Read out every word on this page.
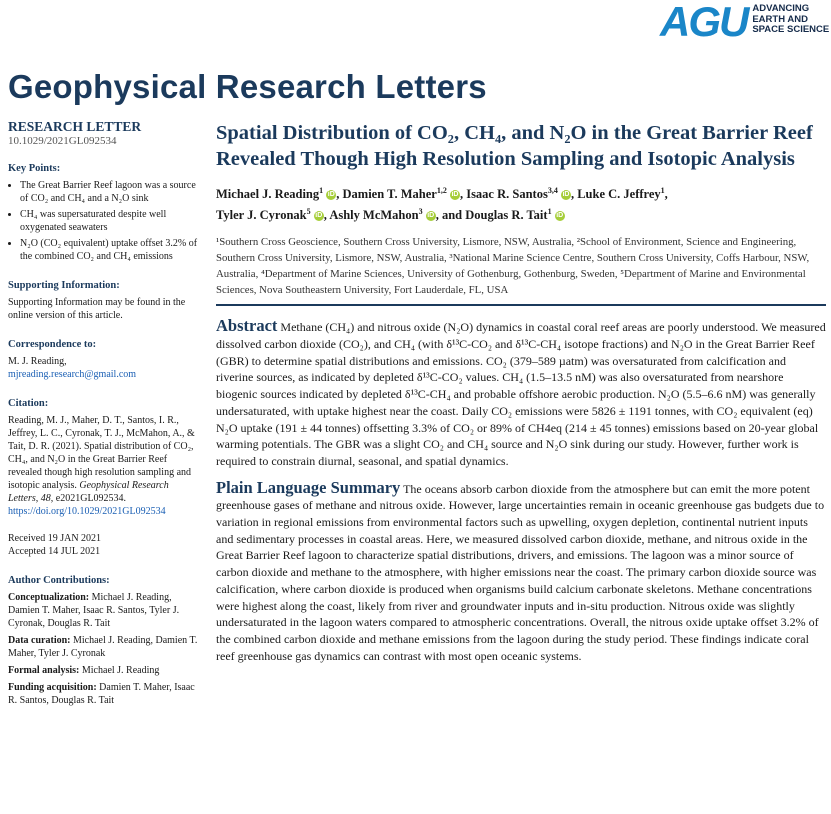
AGU ADVANCING
EARTH AND
SPACE SCIENCE
Geophysical Research Letters
RESEARCH LETTER
10.1029/2021GL092534
Key Points:
• The Great Barrier Reef lagoon was a source of CO₂ and CH₄ and a N₂O sink
• CH₄ was supersaturated despite well oxygenated seawaters
• N₂O (CO₂ equivalent) uptake offset 3.2% of the combined CO₂ and CH₄ emissions
Supporting Information:
Supporting Information may be found in the online version of this article.
Correspondence to:
M. J. Reading,
mjreading.research@gmail.com
Citation:
Reading, M. J., Maher, D. T., Santos, I. R., Jeffrey, L. C., Cyronak, T. J., McMahon, A., & Tait, D. R. (2021). Spatial distribution of CO₂, CH₄, and N₂O in the Great Barrier Reef revealed though high resolution sampling and isotopic analysis. Geophysical Research Letters, 48, e2021GL092534. https://doi.org/10.1029/2021GL092534
Received 19 JAN 2021
Accepted 14 JUL 2021
Author Contributions:

Conceptualization: Michael J. Reading, Damien T. Maher, Isaac R. Santos, Tyler J. Cyronak, Douglas R. Tait

Data curation: Michael J. Reading, Damien T. Maher, Tyler J. Cyronak

Formal analysis: Michael J. Reading

Funding acquisition: Damien T. Maher, Isaac R. Santos, Douglas R. Tait

Spatial Distribution of CO₂, CH₄, and N₂O in the Great Barrier Reef Revealed Though High Resolution Sampling and Isotopic Analysis
Michael J. Reading$^1$ iD , Damien T. Maher$^{1,2}$ iD , Isaac R. Santos$^{3,4}$ iD , Luke C. Jeffrey$^1$,
Tyler J. Cyronak$^5$ iD , Ashly McMahon$^3$ iD , and Douglas R. Tait$^1$ iD
¹Southern Cross Geoscience, Southern Cross University, Lismore, NSW, Australia, ²School of Environment, Science and Engineering, Southern Cross University, Lismore, NSW, Australia, ³National Marine Science Centre, Southern Cross University, Coffs Harbour, NSW, Australia, ⁴Department of Marine Sciences, University of Gothenburg, Gothenburg, Sweden, ⁵Department of Marine and Environmental Sciences, Nova Southeastern University, Fort Lauderdale, FL, USA
Abstract Methane (CH₄) and nitrous oxide (N₂O) dynamics in coastal coral reef areas are poorly understood. We measured dissolved carbon dioxide (CO₂), and CH₄ (with δ¹³C-CO₂ and δ¹³C-CH₄ isotope fractions) and N₂O in the Great Barrier Reef (GBR) to determine spatial distributions and emissions. CO₂ (379–589 µatm) was oversaturated from calcification and riverine sources, as indicated by depleted δ¹³C-CO₂ values. CH₄ (1.5–13.5 nM) was also oversaturated from nearshore biogenic sources indicated by depleted δ¹³C-CH₄ and probable offshore aerobic production. N₂O (5.5–6.6 nM) was generally undersaturated, with uptake highest near the coast. Daily CO₂ emissions were 5826 ± 1191 tonnes, with CO₂ equivalent (eq) N₂O uptake (191 ± 44 tonnes) offsetting 3.3% of CO₂ or 89% of CH4eq (214 ± 45 tonnes) emissions based on 20-year global warming potentials. The GBR was a slight CO₂ and CH₄ source and N₂O sink during our study. However, further work is required to constrain diurnal, seasonal, and spatial dynamics.
Plain Language Summary The oceans absorb carbon dioxide from the atmosphere but can emit the more potent greenhouse gases of methane and nitrous oxide. However, large uncertainties remain in oceanic greenhouse gas budgets due to variation in regional emissions from environmental factors such as upwelling, oxygen depletion, continental nutrient inputs and sedimentary processes in coastal areas. Here, we measured dissolved carbon dioxide, methane, and nitrous oxide in the Great Barrier Reef lagoon to characterize spatial distributions, drivers, and emissions. The lagoon was a minor source of carbon dioxide and methane to the atmosphere, with higher emissions near the coast. The primary carbon dioxide source was calcification, where carbon dioxide is produced when organisms build calcium carbonate skeletons. Methane concentrations were highest along the coast, likely from river and groundwater inputs and in-situ production. Nitrous oxide was slightly undersaturated in the lagoon waters compared to atmospheric concentrations. Overall, the nitrous oxide uptake offset 3.2% of the combined carbon dioxide and methane emissions from the lagoon during the study period. These findings indicate coral reef greenhouse gas dynamics can contrast with most open oceanic systems.
